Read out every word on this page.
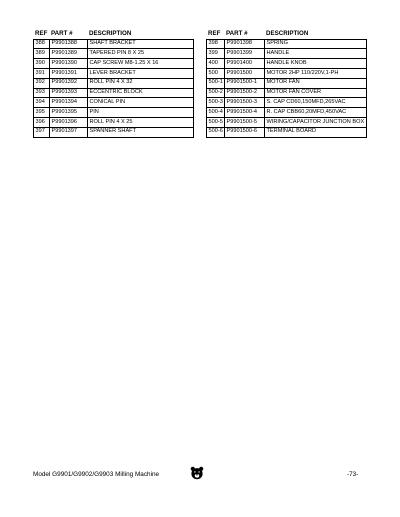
REF	PART #	DESCRIPTION
388	P9901388	SHAFT BRACKET
389	P9901389	TAPERED PIN 8 X 25
390	P9901390	CAP SCREW M8-1.25 X 16
391	P9901391	LEVER BRACKET
392	P9901392	ROLL PIN 4 X 32
393	P9901393	ECCENTRIC BLOCK
394	P9901394	CONICAL PIN
395	P9901395	PIN
396	P9901396	ROLL PIN 4 X 25
397	P9901397	SPANNER SHAFT
REF	PART #	DESCRIPTION
398	P9901398	SPRING
399	P9901399	HANDLE
400	P9901400	HANDLE KNOB
500	P9901500	MOTOR 2HP 110/220V,1-PH
500-1	P9901500-1	MOTOR FAN
500-2	P9901500-2	MOTOR FAN COVER
500-3	P9901500-3	S. CAP CD60,150MFD,265VAC
500-4	P9901500-4	R. CAP CBB60,20MFD,450VAC
500-5	P9901500-5	WIRING/CAPACITOR JUNCTION BOX
500-6	P9901500-6	TERMINAL BOARD
Model G9901/G9902/G9903 Milling Machine	-73-
